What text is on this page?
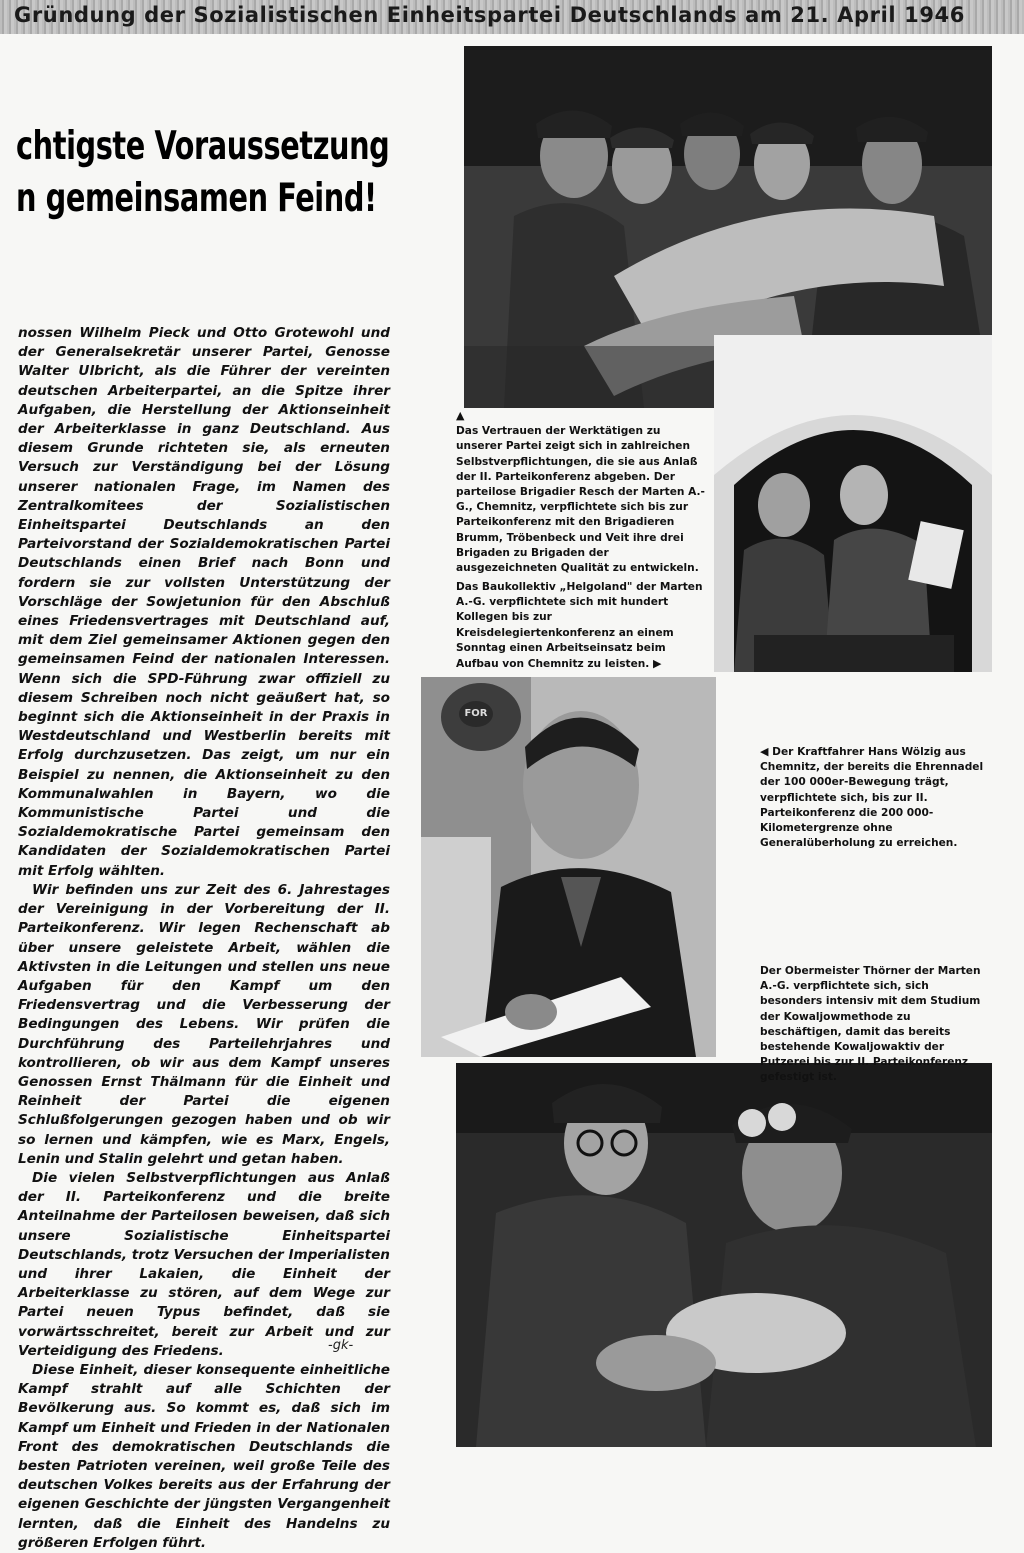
Gründung der Sozialistischen Einheitspartei Deutschlands am 21. April 1946
chtigste Voraussetzung
n gemeinsamen Feind!

nossen Wilhelm Pieck und Otto Grotewohl und der Generalsekretär unserer Partei, Genosse Walter Ulbricht, als die Führer der vereinten deutschen Arbeiterpartei, an die Spitze ihrer Aufgaben, die Herstellung der Aktionseinheit der Arbeiterklasse in ganz Deutschland. Aus diesem Grunde richteten sie, als erneuten Versuch zur Verständigung bei der Lösung unserer nationalen Frage, im Namen des Zentralkomitees der Sozialistischen Einheitspartei Deutschlands an den Parteivorstand der Sozialdemokratischen Partei Deutschlands einen Brief nach Bonn und fordern sie zur vollsten Unterstützung der Vorschläge der Sowjetunion für den Abschluß eines Friedensvertrages mit Deutschland auf, mit dem Ziel gemeinsamer Aktionen gegen den gemeinsamen Feind der nationalen Interessen. Wenn sich die SPD-Führung zwar offiziell zu diesem Schreiben noch nicht geäußert hat, so beginnt sich die Aktionseinheit in der Praxis in Westdeutschland und Westberlin bereits mit Erfolg durchzusetzen. Das zeigt, um nur ein Beispiel zu nennen, die Aktionseinheit zu den Kommunalwahlen in Bayern, wo die Kommunistische Partei und die Sozialdemokratische Partei gemeinsam den Kandidaten der Sozialdemokratischen Partei mit Erfolg wählten.

Wir befinden uns zur Zeit des 6. Jahrestages der Vereinigung in der Vorbereitung der II. Parteikonferenz. Wir legen Rechenschaft ab über unsere geleistete Arbeit, wählen die Aktivsten in die Leitungen und stellen uns neue Aufgaben für den Kampf um den Friedensvertrag und die Verbesserung der Bedingungen des Lebens. Wir prüfen die Durchführung des Parteilehrjahres und kontrollieren, ob wir aus dem Kampf unseres Genossen Ernst Thälmann für die Einheit und Reinheit der Partei die eigenen Schlußfolgerungen gezogen haben und ob wir so lernen und kämpfen, wie es Marx, Engels, Lenin und Stalin gelehrt und getan haben.

Die vielen Selbstverpflichtungen aus Anlaß der II. Parteikonferenz und die breite Anteilnahme der Parteilosen beweisen, daß sich unsere Sozialistische Einheitspartei Deutschlands, trotz Versuchen der Imperialisten und ihrer Lakaien, die Einheit der Arbeiterklasse zu stören, auf dem Wege zur Partei neuen Typus befindet, daß sie vorwärtsschreitet, bereit zur Arbeit und zur Verteidigung des Friedens.

Diese Einheit, dieser konsequente einheitliche Kampf strahlt auf alle Schichten der Bevölkerung aus. So kommt es, daß sich im Kampf um Einheit und Frieden in der Nationalen Front des demokratischen Deutschlands die besten Patrioten vereinen, weil große Teile des deutschen Volkes bereits aus der Erfahrung der eigenen Geschichte der jüngsten Vergangenheit lernten, daß die Einheit des Handelns zu größeren Erfolgen führt.

-gk-
FOR
▲
Das Vertrauen der Werktätigen zu unserer Partei zeigt sich in zahlreichen Selbstverpflichtungen, die sie aus Anlaß der II. Parteikonferenz abgeben. Der parteilose Brigadier Resch der Marten A.-G., Chemnitz, verpflichtete sich bis zur Parteikonferenz mit den Brigadieren Brumm, Tröbenbeck und Veit ihre drei Brigaden zu Brigaden der ausgezeichneten Qualität zu entwickeln.
Das Baukollektiv „Helgoland" der Marten A.-G. verpflichtete sich mit hundert Kollegen bis zur Kreisdelegiertenkonferenz an einem Sonntag einen Arbeitseinsatz beim Aufbau von Chemnitz zu leisten. ▶
◀ Der Kraftfahrer Hans Wölzig aus Chemnitz, der bereits die Ehrennadel der 100 000er-Bewegung trägt, verpflichtete sich, bis zur II. Parteikonferenz die 200 000-Kilometergrenze ohne Generalüberholung zu erreichen.
Der Obermeister Thörner der Marten A.-G. verpflichtete sich, sich besonders intensiv mit dem Studium der Kowaljowmethode zu beschäftigen, damit das bereits bestehende Kowaljowaktiv der Putzerei bis zur II. Parteikonferenz gefestigt ist.
